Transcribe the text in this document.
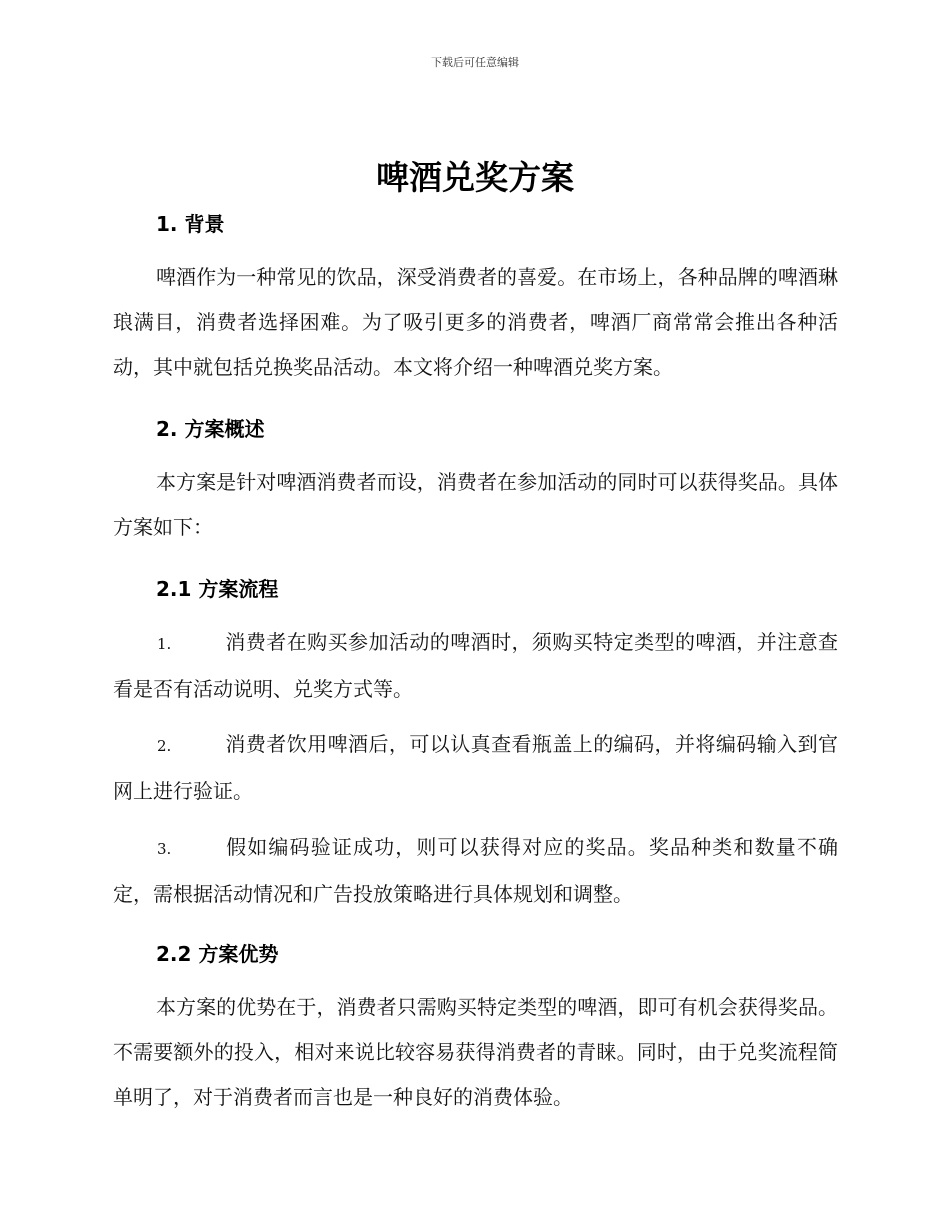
下载后可任意编辑
啤酒兑奖方案
1. 背景

啤酒作为一种常见的饮品，深受消费者的喜爱。在市场上，各种品牌的啤酒琳琅满目，消费者选择困难。为了吸引更多的消费者，啤酒厂商常常会推出各种活动，其中就包括兑换奖品活动。本文将介绍一种啤酒兑奖方案。

2. 方案概述

本方案是针对啤酒消费者而设，消费者在参加活动的同时可以获得奖品。具体方案如下：

2.1 方案流程
1.	消费者在购买参加活动的啤酒时，须购买特定类型的啤酒，并注意查看是否有活动说明、兑奖方式等。
2.	消费者饮用啤酒后，可以认真查看瓶盖上的编码，并将编码输入到官网上进行验证。
3.	假如编码验证成功，则可以获得对应的奖品。奖品种类和数量不确定，需根据活动情况和广告投放策略进行具体规划和调整。
2.2 方案优势

本方案的优势在于，消费者只需购买特定类型的啤酒，即可有机会获得奖品。不需要额外的投入，相对来说比较容易获得消费者的青睐。同时，由于兑奖流程简单明了，对于消费者而言也是一种良好的消费体验。
